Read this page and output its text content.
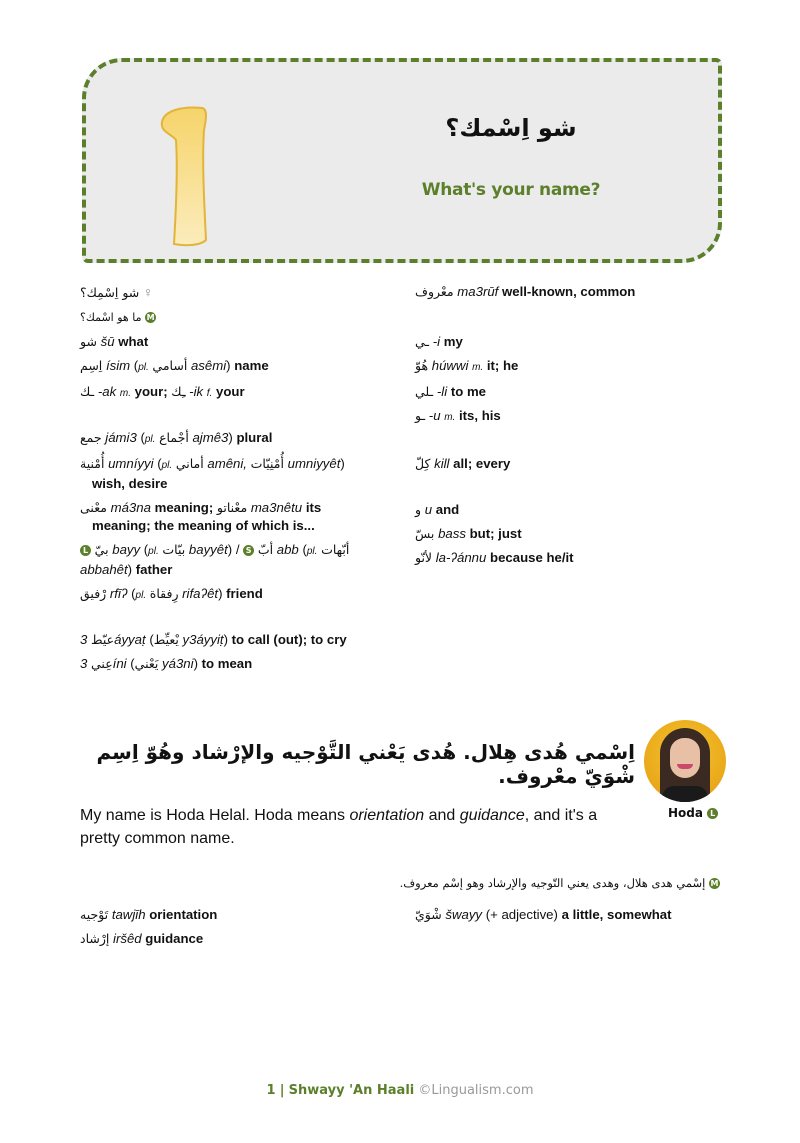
شو اِسْمك؟
What's your name?
شو اِسْمِك؟ ♀
ما هو اسْمك؟ M
شو šū what
اِسِم ísim (pl. أسامي asêmi) name
ـك -ak m. your; ـِك -ik f. your
جمع jámi3 (pl. أجْماع ajmê3) plural
أُمْنية umníyyi (pl. أماني amêni, أُمْنِيّات umniyyêt)
wish, desire
معْنى má3na meaning; معْناتو ma3nêtu its
meaning; the meaning of which is...
L بيّ bayy (pl. بيّات bayyêt) / S أبّ abb (pl. أبّهات abbahêt) father
رْفيق rfīʔ (pl. رِفقاة rifaʔêt) friend
عيّط 3áyyaṭ (يْعيِّط y3áyyiṭ) to call (out); to cry
عِني 3íni (يَعْني yá3ni) to mean
معْروف ma3rūf well-known, common
ـي -i my
هُوّ húwwi m. it; he
ـلي -li to me
ـو -u m. its, his
كِلّ kill all; every
و u and
بسّ bass but; just
لأنّو la-ʔánnu because he/it
اِسْمي هُدى هِلال. هُدى يَعْني التَّوْجيه والإرْشاد وهُوّ اِسِم شْوَيّ معْروف.
Hoda L
My name is Hoda Helal. Hoda means orientation and guidance, and it's a pretty common name.
M إسْمي هدى هلال، وهدى يعني التّوجيه والإرشاد وهو إسْم معروف.
تَوْجيه tawjīh orientation
إرْشاد iršêd guidance
شْوَيّ šwayy (+ adjective) a little, somewhat
1 | Shwayy 'An Haali ©Lingualism.com
